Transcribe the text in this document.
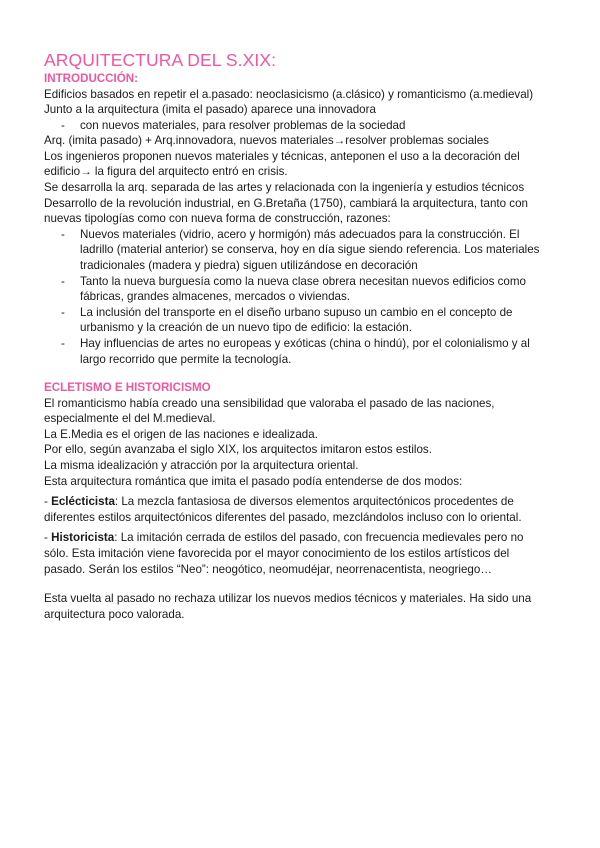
ARQUITECTURA DEL S.XIX:
INTRODUCCIÓN:

Edificios basados en repetir el a.pasado: neoclasicismo (a.clásico) y romanticismo (a.medieval)

Junto a la arquitectura (imita el pasado) aparece una innovadora

- con nuevos materiales, para resolver problemas de la sociedad

Arq. (imita pasado) + Arq.innovadora, nuevos materiales→resolver problemas sociales

Los ingenieros proponen nuevos materiales y técnicas, anteponen el uso a la decoración del

edificio→ la figura del arquitecto entró en crisis.

Se desarrolla la arq. separada de las artes y relacionada con la ingeniería y estudios técnicos

Desarrollo de la revolución industrial, en G.Bretaña (1750), cambiará la arquitectura, tanto con

nuevas tipologías como con nueva forma de construcción, razones:

- Nuevos materiales (vidrio, acero y hormigón) más adecuados para la construcción. El
ladrillo (material anterior) se conserva, hoy en día sigue siendo referencia. Los materiales
tradicionales (madera y piedra) siguen utilizándose en decoración
- Tanto la nueva burguesía como la nueva clase obrera necesitan nuevos edificios como
fábricas, grandes almacenes, mercados o viviendas.
- La inclusión del transporte en el diseño urbano supuso un cambio en el concepto de
urbanismo y la creación de un nuevo tipo de edificio: la estación.
- Hay influencias de artes no europeas y exóticas (china o hindú), por el colonialismo y al
largo recorrido que permite la tecnología.
ECLETISMO E HISTORICISMO

El romanticismo había creado una sensibilidad que valoraba el pasado de las naciones,

especialmente el del M.medieval.

La E.Media es el origen de las naciones e idealizada.

Por ello, según avanzaba el siglo XIX, los arquitectos imitaron estos estilos.

La misma idealización y atracción por la arquitectura oriental.

Esta arquitectura romántica que imita el pasado podía entenderse de dos modos:

- Eclécticista: La mezcla fantasiosa de diversos elementos arquitectónicos procedentes de
diferentes estilos arquitectónicos diferentes del pasado, mezclándolos incluso con lo oriental.
- Historicista: La imitación cerrada de estilos del pasado, con frecuencia medievales pero no
sólo. Esta imitación viene favorecida por el mayor conocimiento de los estilos artísticos del
pasado. Serán los estilos “Neo”: neogótico, neomudéjar, neorrenacentista, neogriego…

Esta vuelta al pasado no rechaza utilizar los nuevos medios técnicos y materiales. Ha sido una

arquitectura poco valorada.
